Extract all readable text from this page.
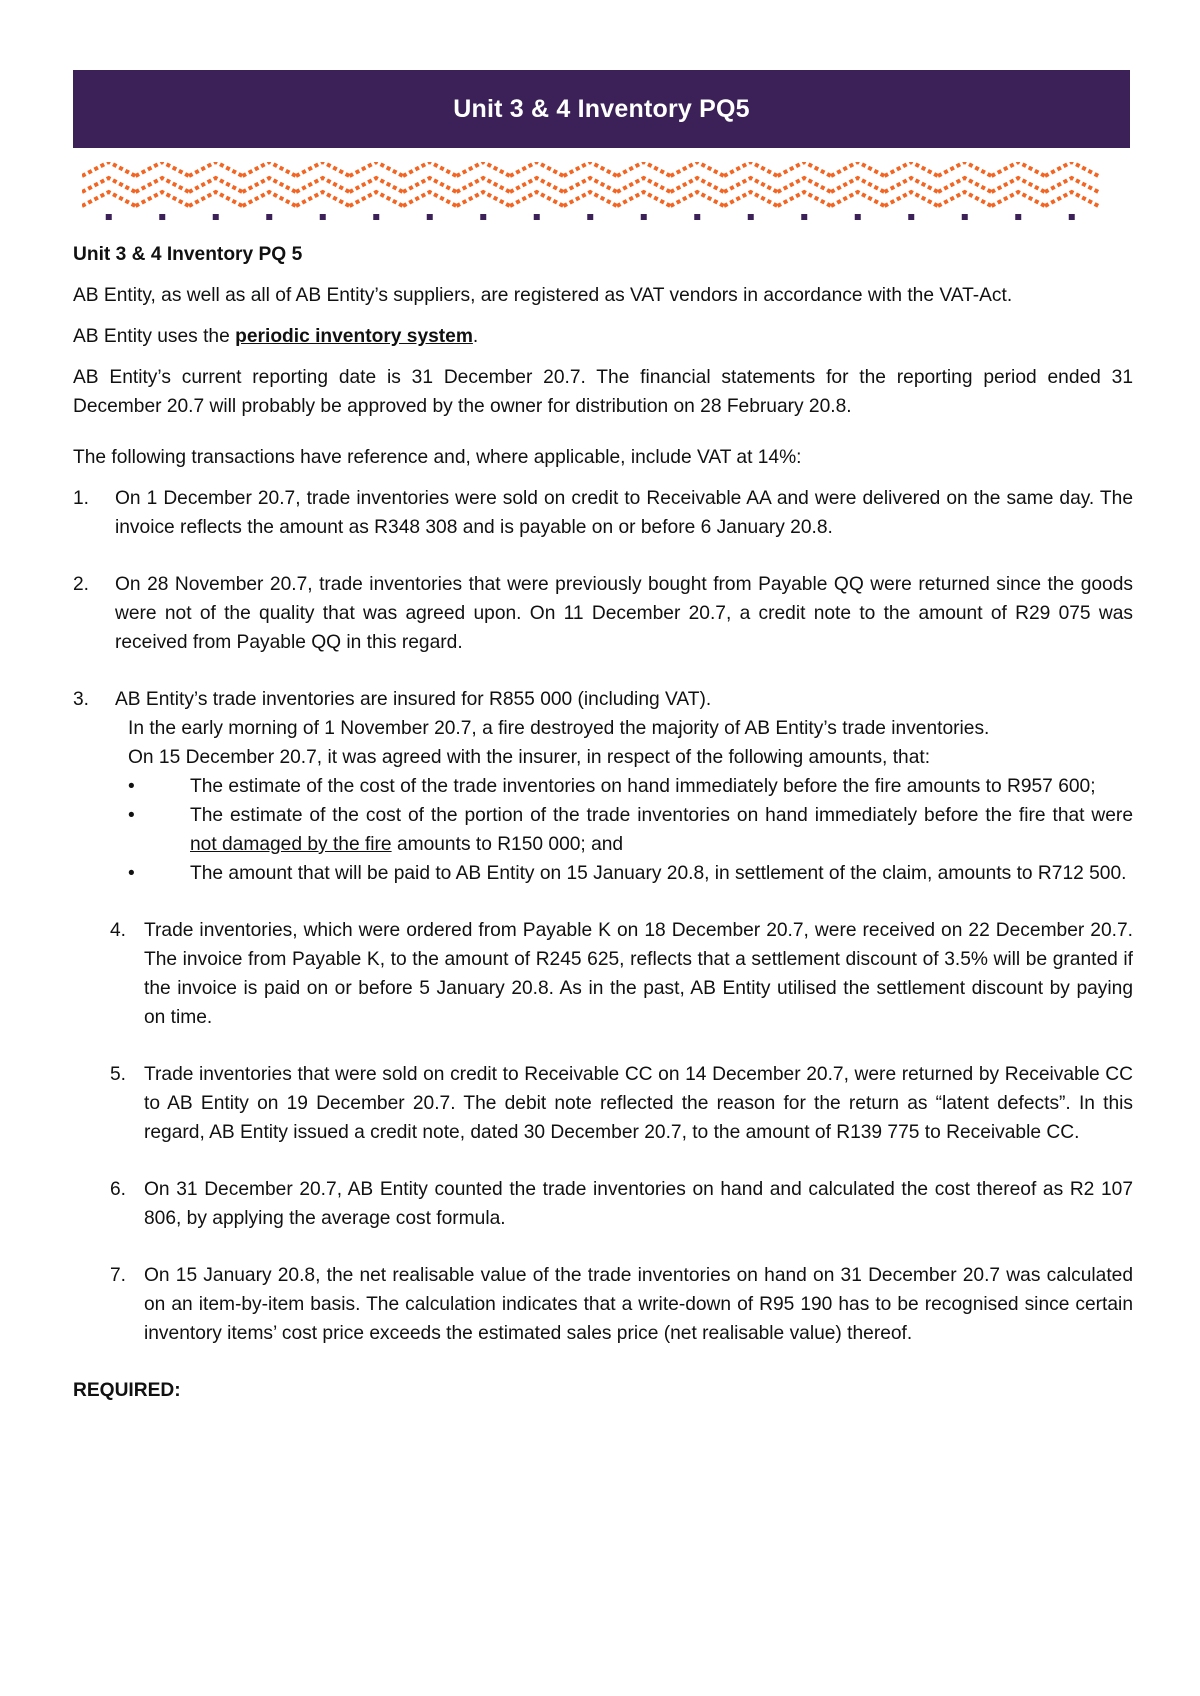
Unit 3 & 4 Inventory PQ5

Unit 3 & 4 Inventory PQ 5

AB Entity, as well as all of AB Entity’s suppliers, are registered as VAT vendors in accordance with the VAT-Act.

AB Entity uses the periodic inventory system.

AB Entity’s current reporting date is 31 December 20.7. The financial statements for the reporting period ended 31 December 20.7 will probably be approved by the owner for distribution on 28 February 20.8.

The following transactions have reference and, where applicable, include VAT at 14%:

1.	On 1 December 20.7, trade inventories were sold on credit to Receivable AA and were delivered on the same day. The invoice reflects the amount as R348 308 and is payable on or before 6 January 20.8.
2.	On 28 November 20.7, trade inventories that were previously bought from Payable QQ were returned since the goods were not of the quality that was agreed upon. On 11 December 20.7, a credit note to the amount of R29 075 was received from Payable QQ in this regard.
3.	AB Entity’s trade inventories are insured for R855 000 (including VAT).

In the early morning of 1 November 20.7, a fire destroyed the majority of AB Entity’s trade inventories.

On 15 December 20.7, it was agreed with the insurer, in respect of the following amounts, that:

•	The estimate of the cost of the trade inventories on hand immediately before the fire amounts to R957 600;
•	The estimate of the cost of the portion of the trade inventories on hand immediately before the fire that were not damaged by the fire amounts to R150 000; and
•	The amount that will be paid to AB Entity on 15 January 20.8, in settlement of the claim, amounts to R712 500.
4. Trade inventories, which were ordered from Payable K on 18 December 20.7, were received on 22 December 20.7. The invoice from Payable K, to the amount of R245 625, reflects that a settlement discount of 3.5% will be granted if the invoice is paid on or before 5 January 20.8. As in the past, AB Entity utilised the settlement discount by paying on time.
5. Trade inventories that were sold on credit to Receivable CC on 14 December 20.7, were returned by Receivable CC to AB Entity on 19 December 20.7. The debit note reflected the reason for the return as “latent defects”. In this regard, AB Entity issued a credit note, dated 30 December 20.7, to the amount of R139 775 to Receivable CC.
6. On 31 December 20.7, AB Entity counted the trade inventories on hand and calculated the cost thereof as R2 107 806, by applying the average cost formula.
7. On 15 January 20.8, the net realisable value of the trade inventories on hand on 31 December 20.7 was calculated on an item-by-item basis. The calculation indicates that a write-down of R95 190 has to be recognised since certain inventory items’ cost price exceeds the estimated sales price (net realisable value) thereof.

REQUIRED:
